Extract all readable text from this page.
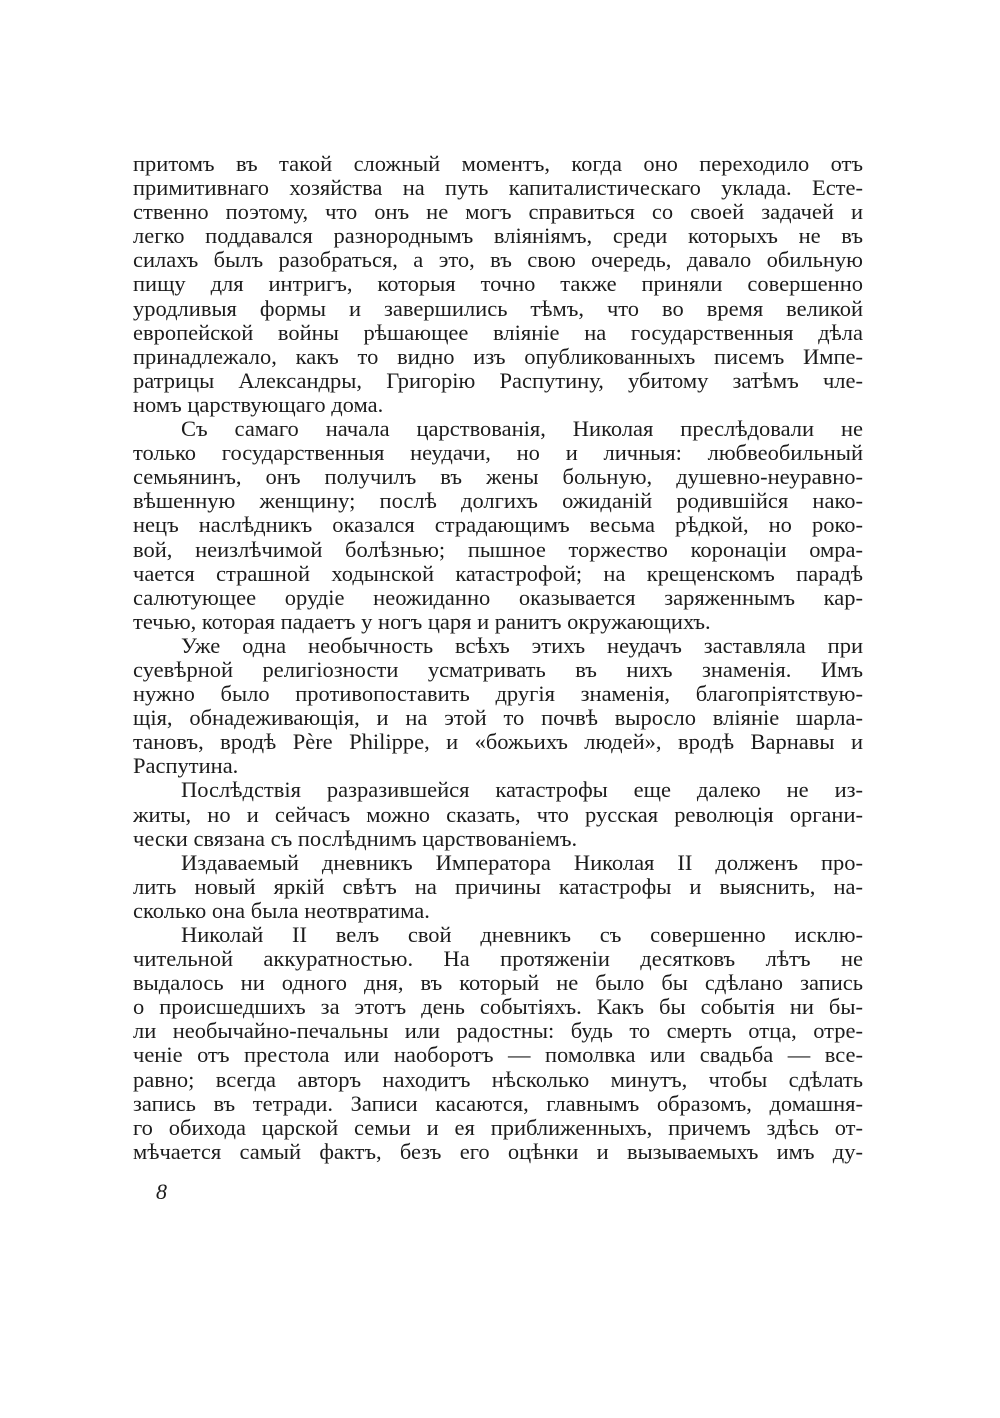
притомъ въ такой сложный моментъ, когда оно переходило отъ
примитивнаго хозяйства на путь капиталистическаго уклада. Есте-
ственно поэтому, что онъ не могъ справиться со своей задачей и
легко поддавался разнороднымъ вліяніямъ, среди которыхъ не въ
силахъ былъ разобраться, а это, въ свою очередь, давало обильную
пищу для интригъ, которыя точно также приняли совершенно
уродливыя формы и завершились тѣмъ, что во время великой
европейской войны рѣшающее вліяніе на государственныя дѣла
принадлежало, какъ то видно изъ опубликованныхъ писемъ Импе-
ратрицы Александры, Григорію Распутину, убитому затѣмъ чле-
номъ царствующаго дома.
Съ самаго начала царствованія, Николая преслѣдовали не
только государственныя неудачи, но и личныя: любвеобильный
семьянинъ, онъ получилъ въ жены больную, душевно-неуравно-
вѣшенную женщину; послѣ долгихъ ожиданій родившійся нако-
нецъ наслѣдникъ оказался страдающимъ весьма рѣдкой, но роко-
вой, неизлѣчимой болѣзнью; пышное торжество коронаціи омра-
чается страшной ходынской катастрофой; на крещенскомъ парадѣ
салютующее орудіе неожиданно оказывается заряженнымъ кар-
течью, которая падаетъ у ногъ царя и ранитъ окружающихъ.
Уже одна необычность всѣхъ этихъ неудачъ заставляла при
суевѣрной религіозности усматривать въ нихъ знаменія. Имъ
нужно было противопоставить другія знаменія, благопріятствую-
щія, обнадеживающія, и на этой то почвѣ выросло вліяніе шарла-
тановъ, вродѣ Père Philippe, и «божьихъ людей», вродѣ Варнавы и
Распутина.
Послѣдствія разразившейся катастрофы еще далеко не из-
житы, но и сейчасъ можно сказать, что русская революція органи-
чески связана съ послѣднимъ царствованіемъ.
Издаваемый дневникъ Императора Николая II долженъ про-
лить новый яркій свѣтъ на причины катастрофы и выяснить, на-
сколько она была неотвратима.
Николай II велъ свой дневникъ съ совершенно исклю-
чительной аккуратностью. На протяженіи десятковъ лѣтъ не
выдалось ни одного дня, въ который не было бы сдѣлано запись
о происшедшихъ за этотъ день событіяхъ. Какъ бы событія ни бы-
ли необычайно-печальны или радостны: будь то смерть отца, отре-
ченіе отъ престола или наоборотъ — помолвка или свадьба — все-
равно; всегда авторъ находитъ нѣсколько минутъ, чтобы сдѣлать
запись въ тетради. Записи касаются, главнымъ образомъ, домашня-
го обихода царской семьи и ея приближенныхъ, причемъ здѣсь от-
мѣчается самый фактъ, безъ его оцѣнки и вызываемыхъ имъ ду-
8
